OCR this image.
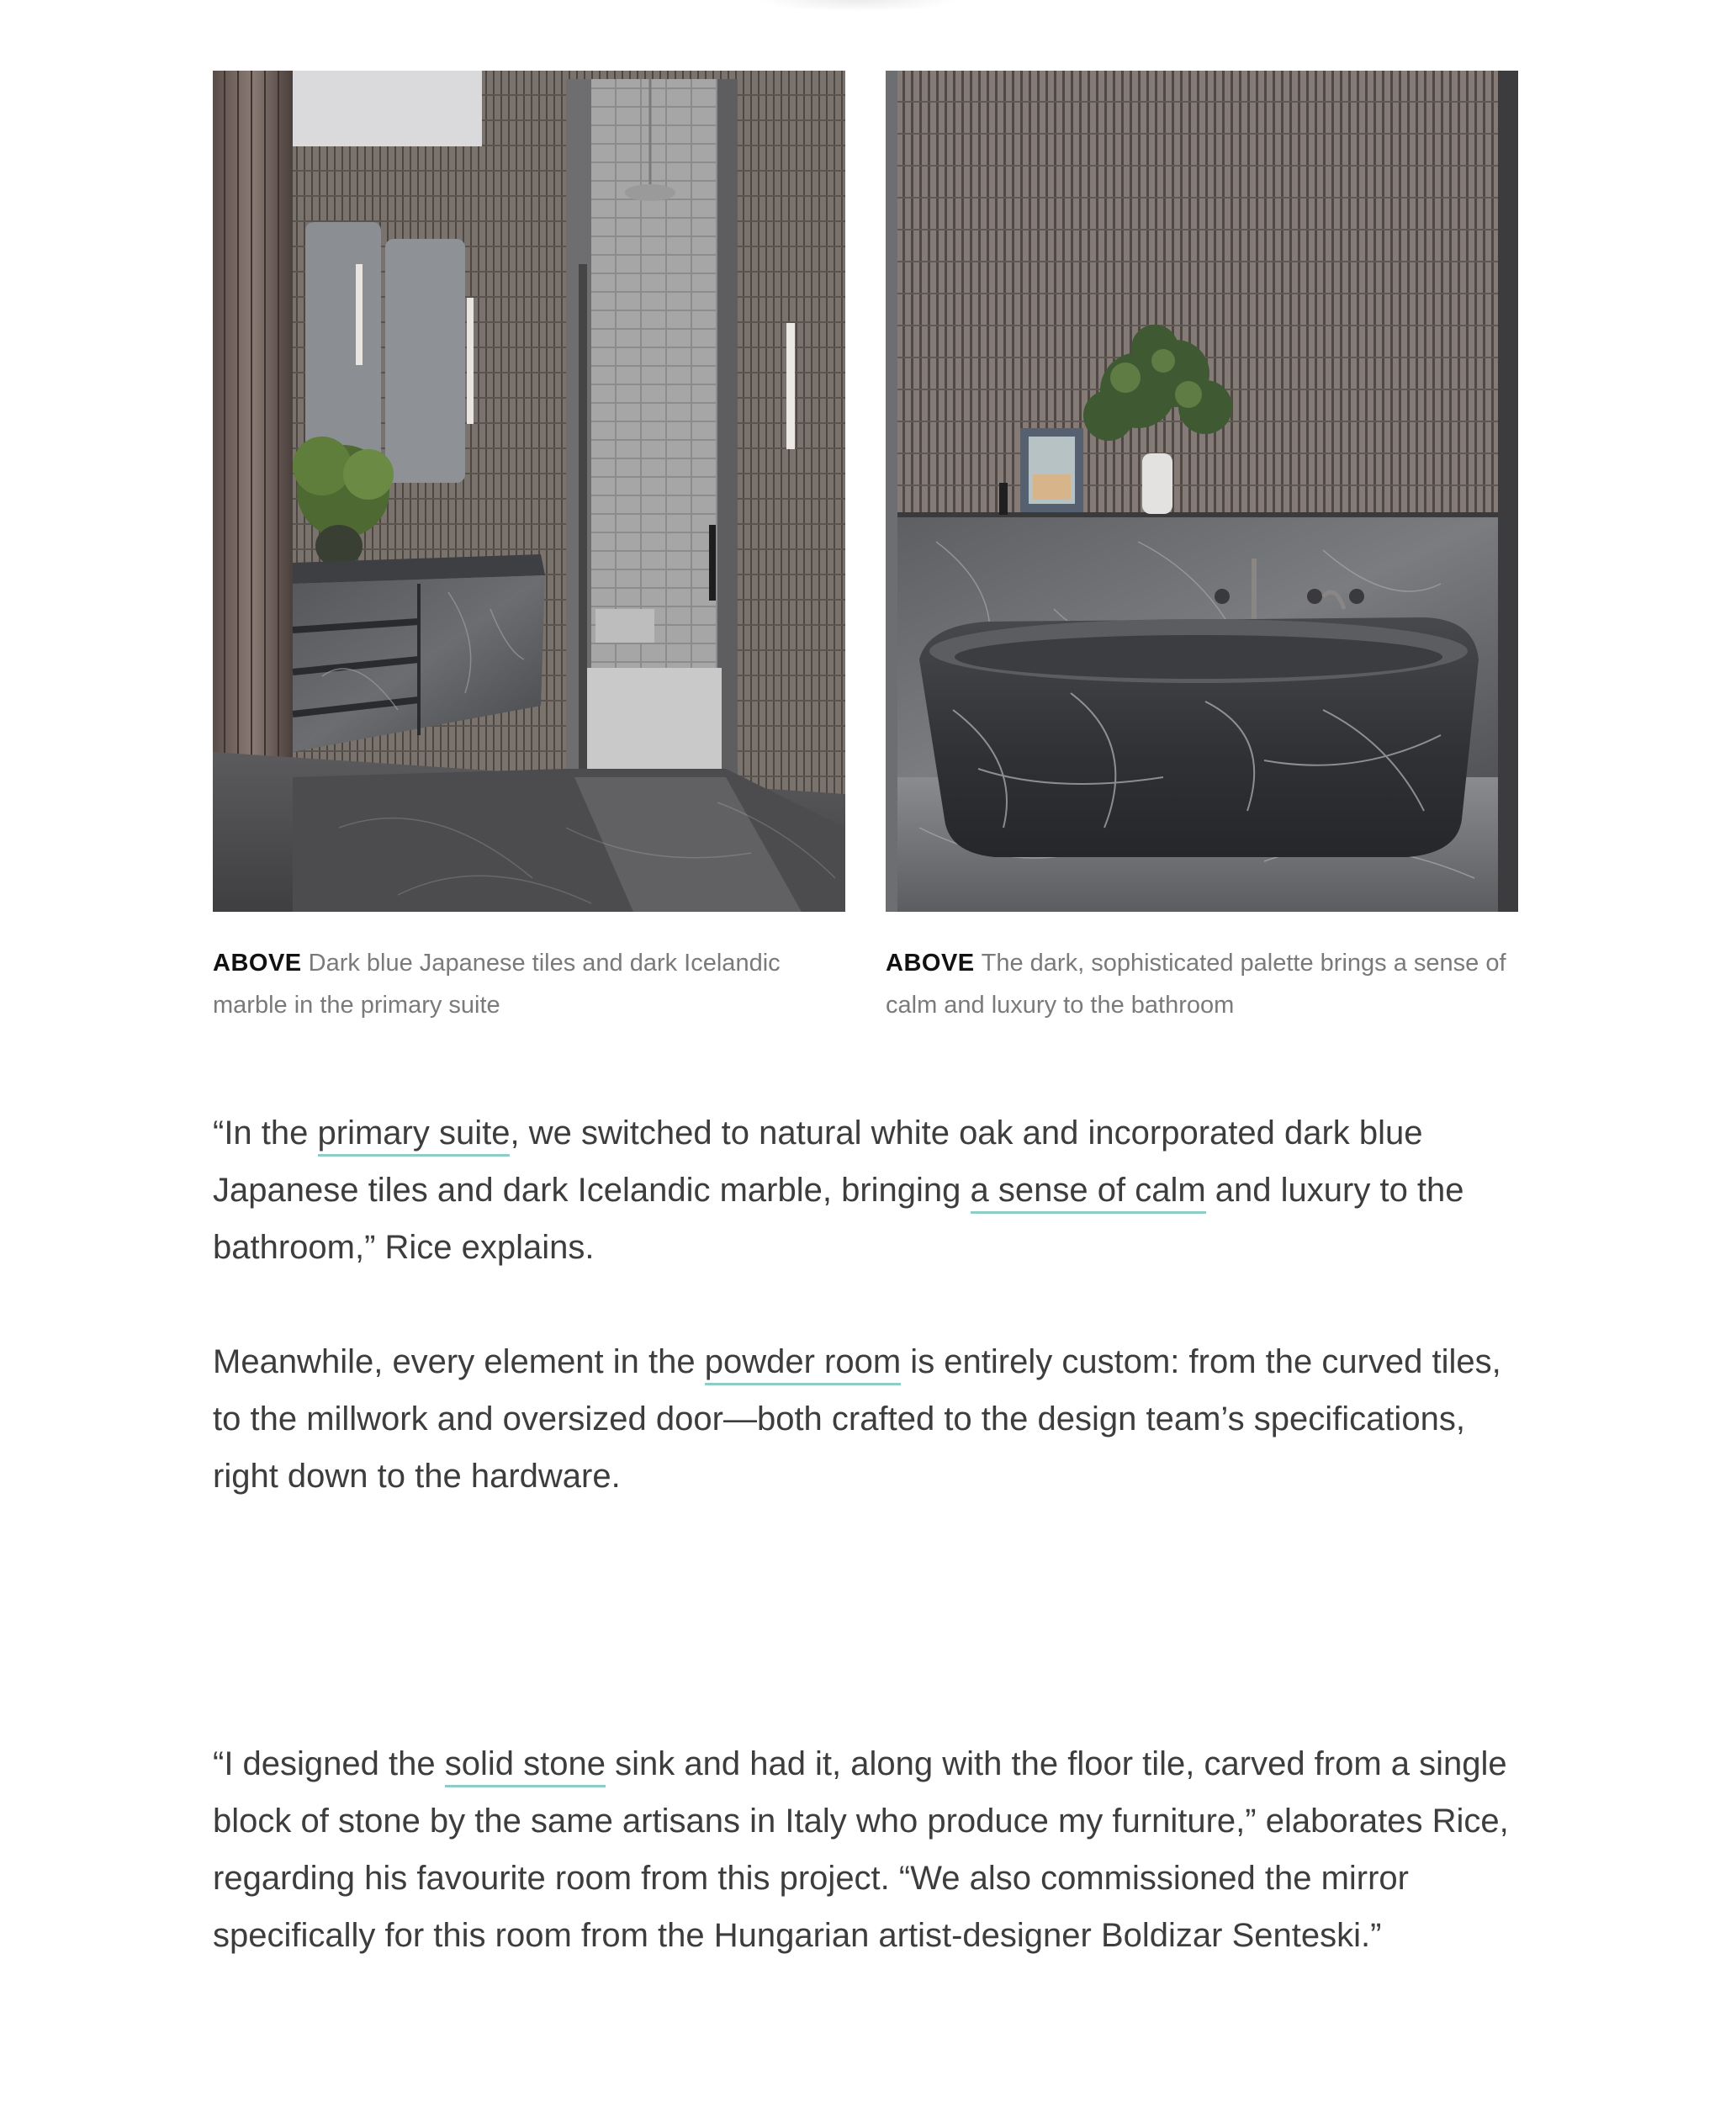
ABOVE Dark blue Japanese tiles and dark Icelandic marble in the primary suite
ABOVE The dark, sophisticated palette brings a sense of calm and luxury to the bathroom

“In the primary suite, we switched to natural white oak and incorporated dark blue Japanese tiles and dark Icelandic marble, bringing a sense of calm and luxury to the bathroom,” Rice explains.

Meanwhile, every element in the powder room is entirely custom: from the curved tiles, to the millwork and oversized door—both crafted to the design team’s specifications, right down to the hardware.

“I designed the solid stone sink and had it, along with the floor tile, carved from a single block of stone by the same artisans in Italy who produce my furniture,” elaborates Rice, regarding his favourite room from this project. “We also commissioned the mirror specifically for this room from the Hungarian artist-designer Boldizar Senteski.”
